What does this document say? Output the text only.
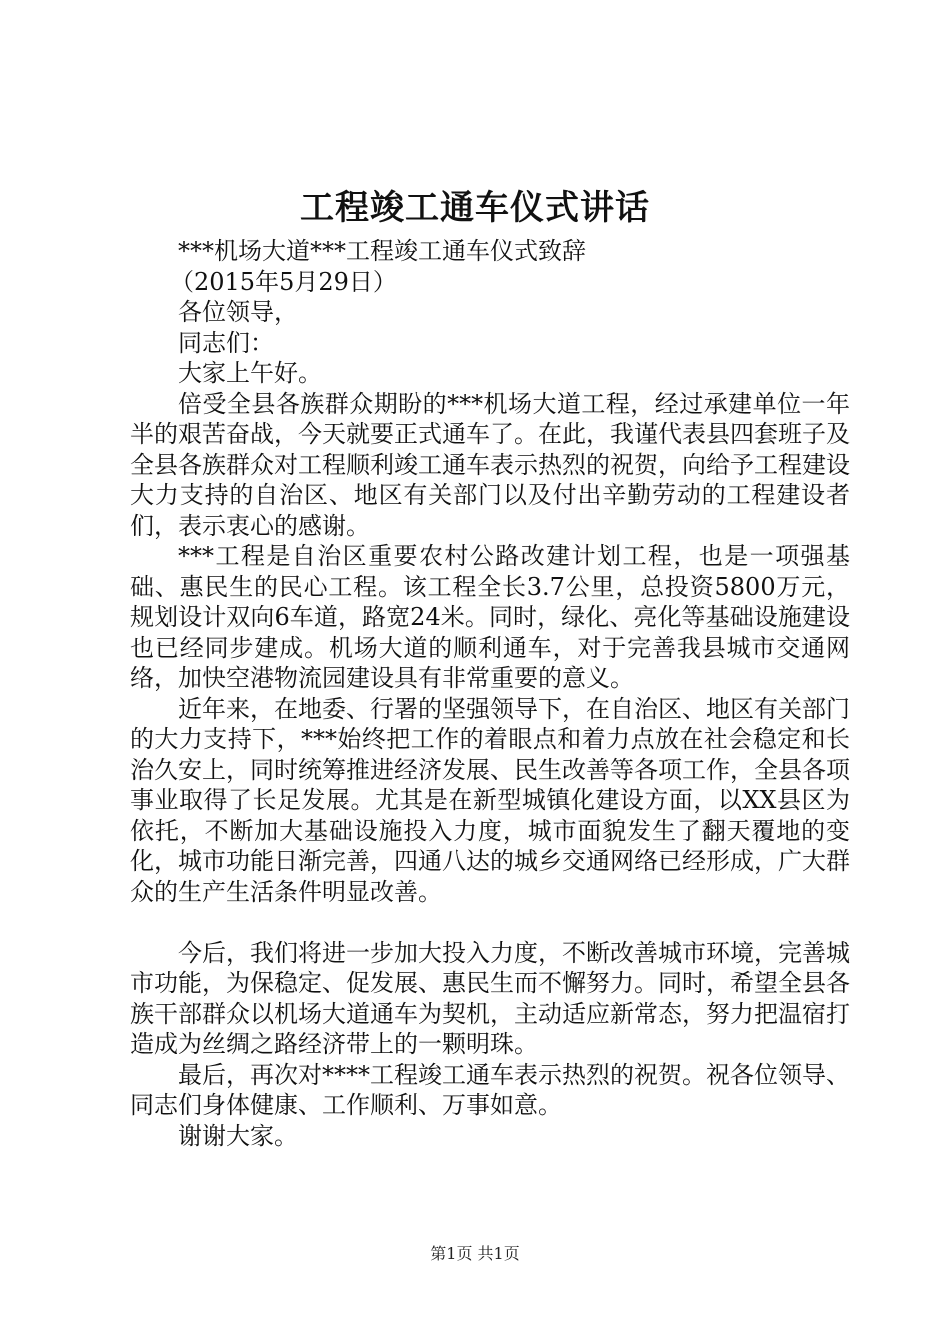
工程竣工通车仪式讲话

***机场大道***工程竣工通车仪式致辞

（2015年5月29日）

各位领导，

同志们：

大家上午好。

倍受全县各族群众期盼的***机场大道工程，经过承建单位一年半的艰苦奋战，今天就要正式通车了。在此，我谨代表县四套班子及全县各族群众对工程顺利竣工通车表示热烈的祝贺，向给予工程建设大力支持的自治区、地区有关部门以及付出辛勤劳动的工程建设者们，表示衷心的感谢。

***工程是自治区重要农村公路改建计划工程，也是一项强基础、惠民生的民心工程。该工程全长3.7公里，总投资5800万元，规划设计双向6车道，路宽24米。同时，绿化、亮化等基础设施建设也已经同步建成。机场大道的顺利通车，对于完善我县城市交通网络，加快空港物流园建设具有非常重要的意义。

近年来，在地委、行署的坚强领导下，在自治区、地区有关部门的大力支持下，***始终把工作的着眼点和着力点放在社会稳定和长治久安上，同时统筹推进经济发展、民生改善等各项工作，全县各项事业取得了长足发展。尤其是在新型城镇化建设方面，以XX县区为依托，不断加大基础设施投入力度，城市面貌发生了翻天覆地的变化，城市功能日渐完善，四通八达的城乡交通网络已经形成，广大群众的生产生活条件明显改善。

今后，我们将进一步加大投入力度，不断改善城市环境，完善城市功能，为保稳定、促发展、惠民生而不懈努力。同时，希望全县各族干部群众以机场大道通车为契机，主动适应新常态，努力把温宿打造成为丝绸之路经济带上的一颗明珠。

最后，再次对****工程竣工通车表示热烈的祝贺。祝各位领导、同志们身体健康、工作顺利、万事如意。

谢谢大家。

第1页 共1页
